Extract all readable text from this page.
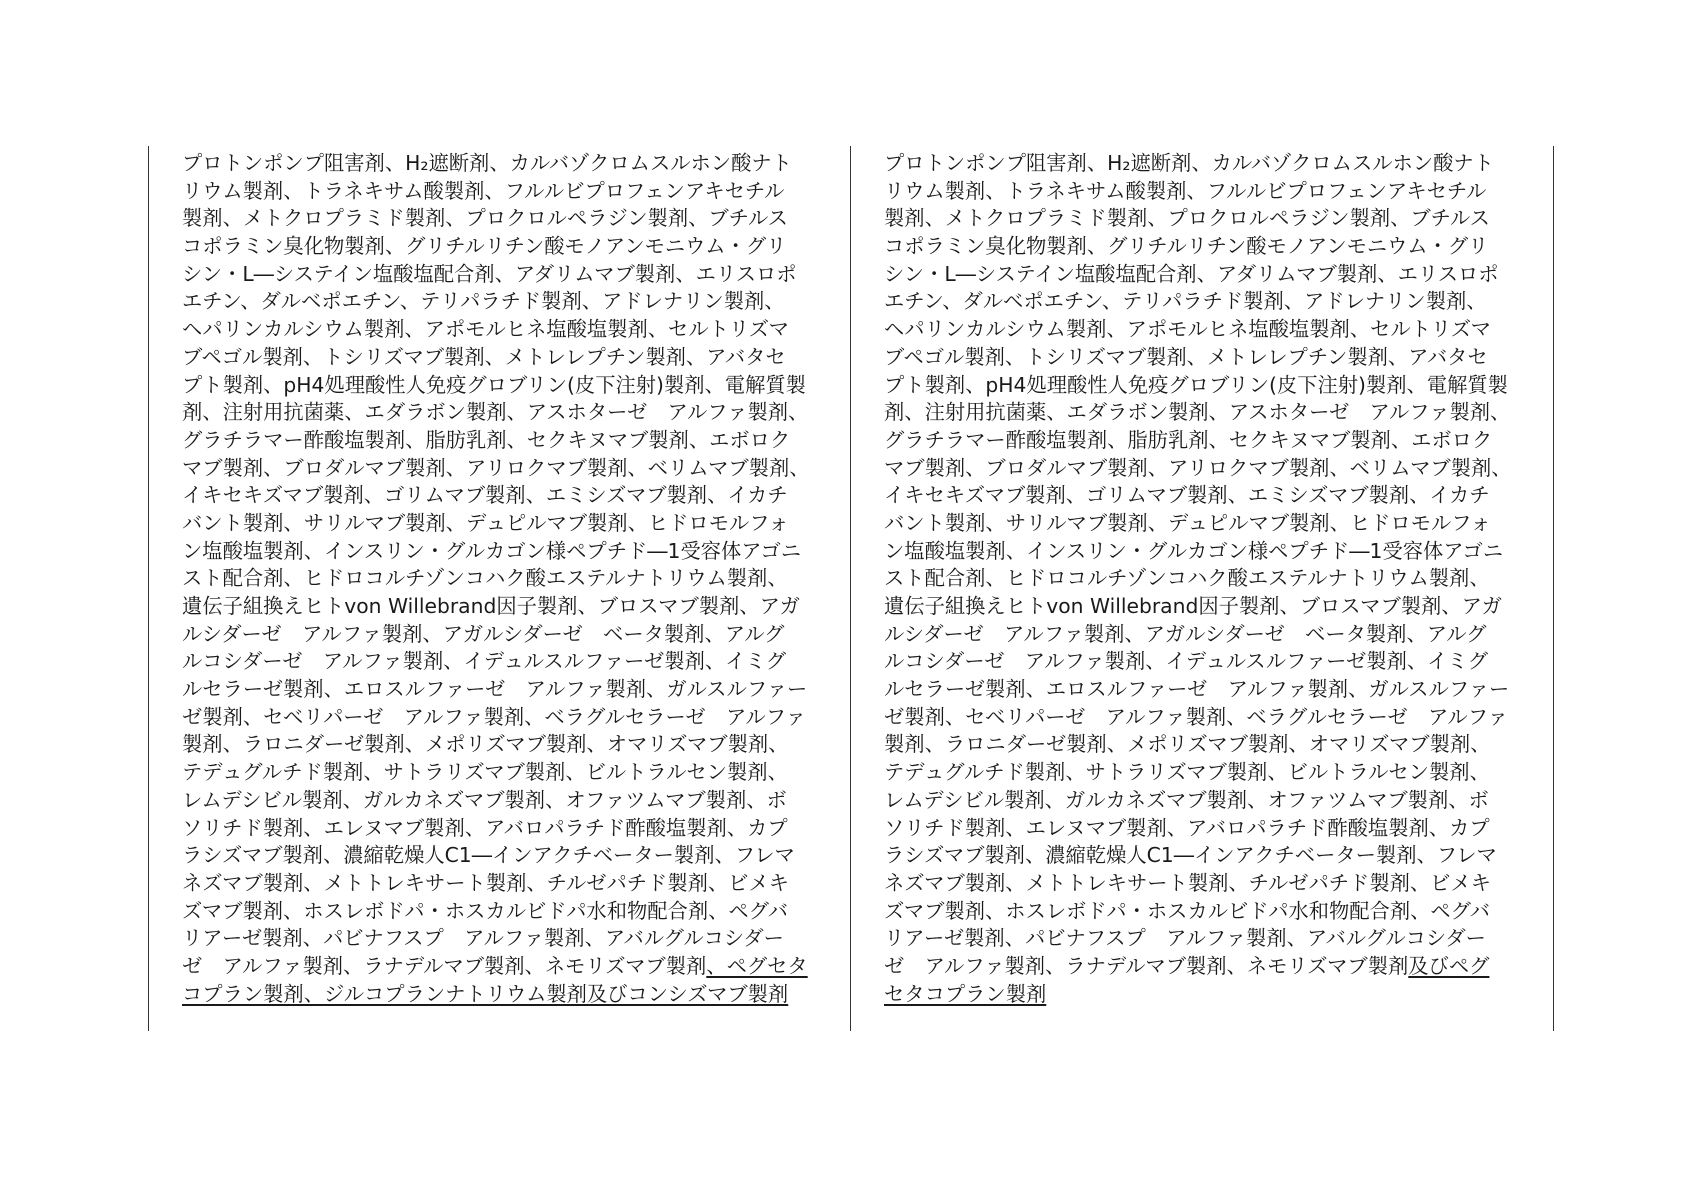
プロトンポンプ阻害剤、H₂遮断剤、カルバゾクロムスルホン酸ナト
リウム製剤、トラネキサム酸製剤、フルルビプロフェンアキセチル
製剤、メトクロプラミド製剤、プロクロルペラジン製剤、ブチルス
コポラミン臭化物製剤、グリチルリチン酸モノアンモニウム・グリ
シン・L―システイン塩酸塩配合剤、アダリムマブ製剤、エリスロポ
エチン、ダルベポエチン、テリパラチド製剤、アドレナリン製剤、
ヘパリンカルシウム製剤、アポモルヒネ塩酸塩製剤、セルトリズマ
ブペゴル製剤、トシリズマブ製剤、メトレレプチン製剤、アバタセ
プト製剤、pH4処理酸性人免疫グロブリン(皮下注射)製剤、電解質製
剤、注射用抗菌薬、エダラボン製剤、アスホターゼ　アルファ製剤、
グラチラマー酢酸塩製剤、脂肪乳剤、セクキヌマブ製剤、エボロク
マブ製剤、ブロダルマブ製剤、アリロクマブ製剤、ベリムマブ製剤、
イキセキズマブ製剤、ゴリムマブ製剤、エミシズマブ製剤、イカチ
バント製剤、サリルマブ製剤、デュピルマブ製剤、ヒドロモルフォ
ン塩酸塩製剤、インスリン・グルカゴン様ペプチド―1受容体アゴニ
スト配合剤、ヒドロコルチゾンコハク酸エステルナトリウム製剤、
遺伝子組換えヒトvon Willebrand因子製剤、ブロスマブ製剤、アガ
ルシダーゼ　アルファ製剤、アガルシダーゼ　ベータ製剤、アルグ
ルコシダーゼ　アルファ製剤、イデュルスルファーゼ製剤、イミグ
ルセラーゼ製剤、エロスルファーゼ　アルファ製剤、ガルスルファー
ゼ製剤、セベリパーゼ　アルファ製剤、ベラグルセラーゼ　アルファ
製剤、ラロニダーゼ製剤、メポリズマブ製剤、オマリズマブ製剤、
テデュグルチド製剤、サトラリズマブ製剤、ビルトラルセン製剤、
レムデシビル製剤、ガルカネズマブ製剤、オファツムマブ製剤、ボ
ソリチド製剤、エレヌマブ製剤、アバロパラチド酢酸塩製剤、カプ
ラシズマブ製剤、濃縮乾燥人C1―インアクチベーター製剤、フレマ
ネズマブ製剤、メトトレキサート製剤、チルゼパチド製剤、ビメキ
ズマブ製剤、ホスレボドパ・ホスカルビドパ水和物配合剤、ペグバ
リアーゼ製剤、パビナフスプ　アルファ製剤、アバルグルコシダー
ゼ　アルファ製剤、ラナデルマブ製剤、ネモリズマブ製剤、ペグセタ
コプラン製剤、ジルコプランナトリウム製剤及びコンシズマブ製剤
プロトンポンプ阻害剤、H₂遮断剤、カルバゾクロムスルホン酸ナト
リウム製剤、トラネキサム酸製剤、フルルビプロフェンアキセチル
製剤、メトクロプラミド製剤、プロクロルペラジン製剤、ブチルス
コポラミン臭化物製剤、グリチルリチン酸モノアンモニウム・グリ
シン・L―システイン塩酸塩配合剤、アダリムマブ製剤、エリスロポ
エチン、ダルベポエチン、テリパラチド製剤、アドレナリン製剤、
ヘパリンカルシウム製剤、アポモルヒネ塩酸塩製剤、セルトリズマ
ブペゴル製剤、トシリズマブ製剤、メトレレプチン製剤、アバタセ
プト製剤、pH4処理酸性人免疫グロブリン(皮下注射)製剤、電解質製
剤、注射用抗菌薬、エダラボン製剤、アスホターゼ　アルファ製剤、
グラチラマー酢酸塩製剤、脂肪乳剤、セクキヌマブ製剤、エボロク
マブ製剤、ブロダルマブ製剤、アリロクマブ製剤、ベリムマブ製剤、
イキセキズマブ製剤、ゴリムマブ製剤、エミシズマブ製剤、イカチ
バント製剤、サリルマブ製剤、デュピルマブ製剤、ヒドロモルフォ
ン塩酸塩製剤、インスリン・グルカゴン様ペプチド―1受容体アゴニ
スト配合剤、ヒドロコルチゾンコハク酸エステルナトリウム製剤、
遺伝子組換えヒトvon Willebrand因子製剤、ブロスマブ製剤、アガ
ルシダーゼ　アルファ製剤、アガルシダーゼ　ベータ製剤、アルグ
ルコシダーゼ　アルファ製剤、イデュルスルファーゼ製剤、イミグ
ルセラーゼ製剤、エロスルファーゼ　アルファ製剤、ガルスルファー
ゼ製剤、セベリパーゼ　アルファ製剤、ベラグルセラーゼ　アルファ
製剤、ラロニダーゼ製剤、メポリズマブ製剤、オマリズマブ製剤、
テデュグルチド製剤、サトラリズマブ製剤、ビルトラルセン製剤、
レムデシビル製剤、ガルカネズマブ製剤、オファツムマブ製剤、ボ
ソリチド製剤、エレヌマブ製剤、アバロパラチド酢酸塩製剤、カプ
ラシズマブ製剤、濃縮乾燥人C1―インアクチベーター製剤、フレマ
ネズマブ製剤、メトトレキサート製剤、チルゼパチド製剤、ビメキ
ズマブ製剤、ホスレボドパ・ホスカルビドパ水和物配合剤、ペグバ
リアーゼ製剤、パビナフスプ　アルファ製剤、アバルグルコシダー
ゼ　アルファ製剤、ラナデルマブ製剤、ネモリズマブ製剤及びペグ
セタコプラン製剤
